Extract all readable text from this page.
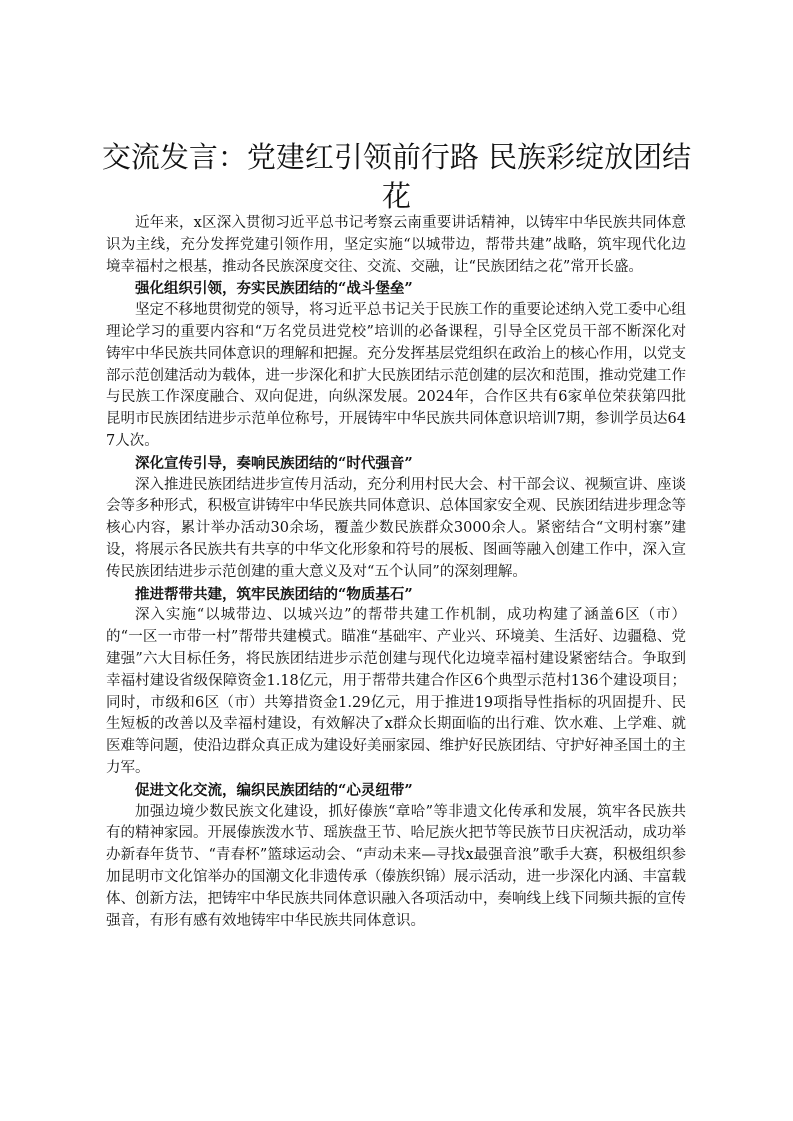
交流发言：党建红引领前行路 民族彩绽放团结花

近年来，x区深入贯彻习近平总书记考察云南重要讲话精神，以铸牢中华民族共同体意识为主线，充分发挥党建引领作用，坚定实施“以城带边，帮带共建”战略，筑牢现代化边境幸福村之根基，推动各民族深度交往、交流、交融，让“民族团结之花”常开长盛。

强化组织引领，夯实民族团结的“战斗堡垒”

坚定不移地贯彻党的领导，将习近平总书记关于民族工作的重要论述纳入党工委中心组理论学习的重要内容和“万名党员进党校”培训的必备课程，引导全区党员干部不断深化对铸牢中华民族共同体意识的理解和把握。充分发挥基层党组织在政治上的核心作用，以党支部示范创建活动为载体，进一步深化和扩大民族团结示范创建的层次和范围，推动党建工作与民族工作深度融合、双向促进，向纵深发展。2024年，合作区共有6家单位荣获第四批昆明市民族团结进步示范单位称号，开展铸牢中华民族共同体意识培训7期，参训学员达647人次。

深化宣传引导，奏响民族团结的“时代强音”

深入推进民族团结进步宣传月活动，充分利用村民大会、村干部会议、视频宣讲、座谈会等多种形式，积极宣讲铸牢中华民族共同体意识、总体国家安全观、民族团结进步理念等核心内容，累计举办活动30余场，覆盖少数民族群众3000余人。紧密结合“文明村寨”建设，将展示各民族共有共享的中华文化形象和符号的展板、图画等融入创建工作中，深入宣传民族团结进步示范创建的重大意义及对“五个认同”的深刻理解。

推进帮带共建，筑牢民族团结的“物质基石”

深入实施“以城带边、以城兴边”的帮带共建工作机制，成功构建了涵盖6区（市）的“一区一市带一村”帮带共建模式。瞄准“基础牢、产业兴、环境美、生活好、边疆稳、党建强”六大目标任务，将民族团结进步示范创建与现代化边境幸福村建设紧密结合。争取到幸福村建设省级保障资金1.18亿元，用于帮带共建合作区6个典型示范村136个建设项目；同时，市级和6区（市）共筹措资金1.29亿元，用于推进19项指导性指标的巩固提升、民生短板的改善以及幸福村建设，有效解决了x群众长期面临的出行难、饮水难、上学难、就医难等问题，使沿边群众真正成为建设好美丽家园、维护好民族团结、守护好神圣国土的主力军。

促进文化交流，编织民族团结的“心灵纽带”

加强边境少数民族文化建设，抓好傣族“章哈”等非遗文化传承和发展，筑牢各民族共有的精神家园。开展傣族泼水节、瑶族盘王节、哈尼族火把节等民族节日庆祝活动，成功举办新春年货节、“青春杯”篮球运动会、“声动未来—寻找x最强音浪”歌手大赛，积极组织参加昆明市文化馆举办的国潮文化非遗传承（傣族织锦）展示活动，进一步深化内涵、丰富载体、创新方法，把铸牢中华民族共同体意识融入各项活动中，奏响线上线下同频共振的宣传强音，有形有感有效地铸牢中华民族共同体意识。
